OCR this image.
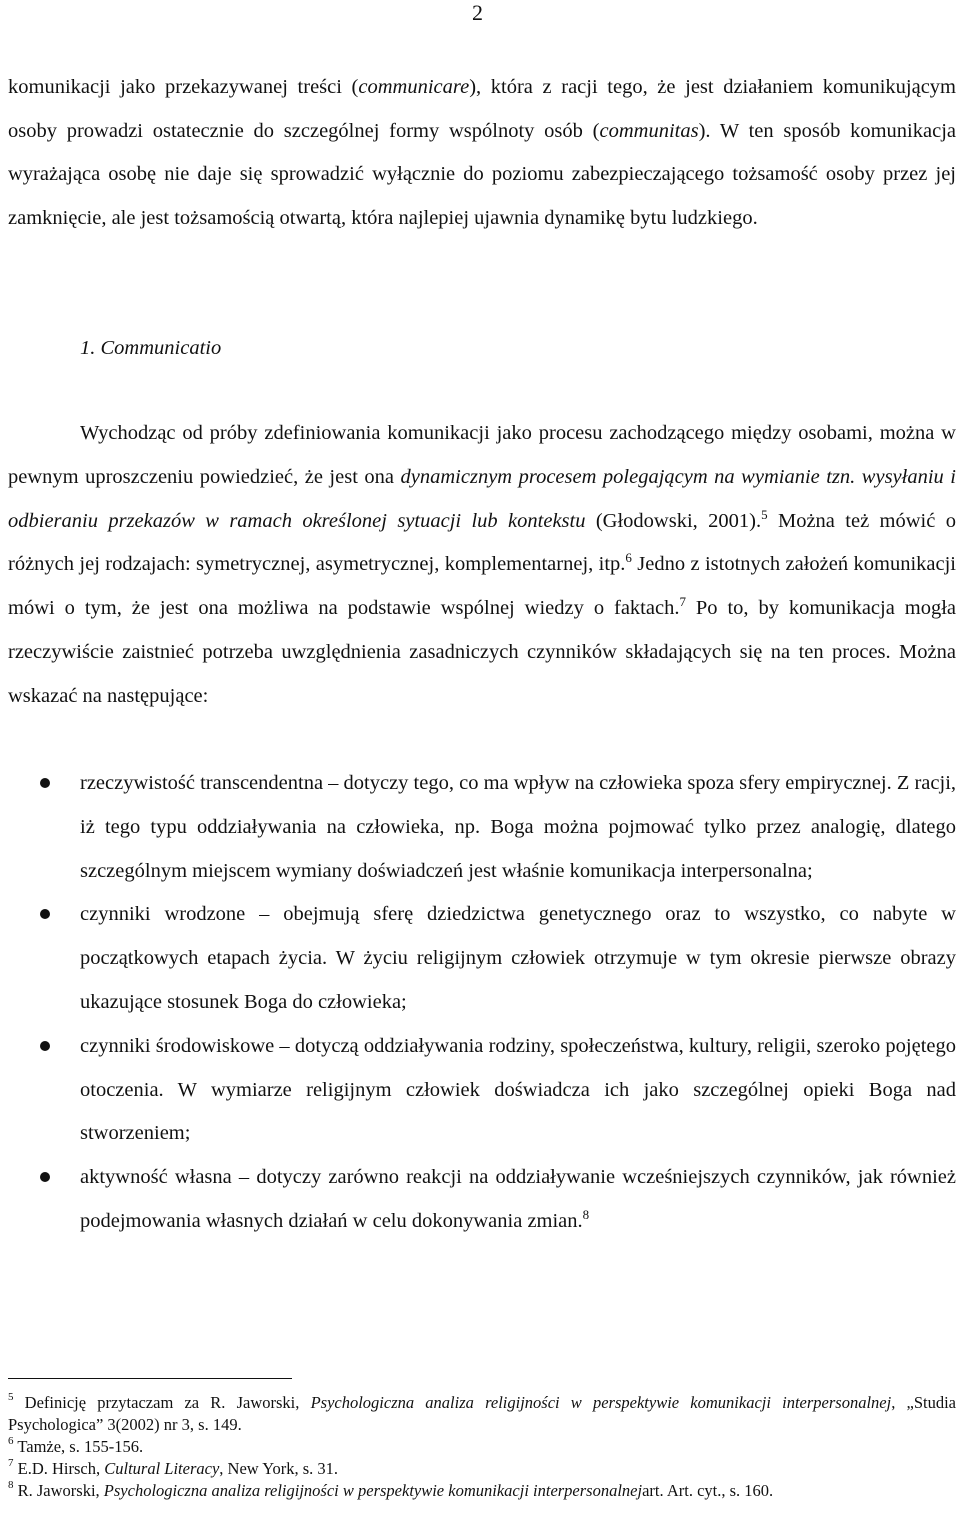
2
komunikacji jako przekazywanej treści (communicare), która z racji tego, że jest działaniem komunikującym osoby prowadzi ostatecznie do szczególnej formy wspólnoty osób (communitas). W ten sposób komunikacja wyrażająca osobę nie daje się sprowadzić wyłącznie do poziomu zabezpieczającego tożsamość osoby przez jej zamknięcie, ale jest tożsamością otwartą, która najlepiej ujawnia dynamikę bytu ludzkiego.
1. Communicatio
Wychodząc od próby zdefiniowania komunikacji jako procesu zachodzącego między osobami, można w pewnym uproszczeniu powiedzieć, że jest ona dynamicznym procesem polegającym na wymianie tzn. wysyłaniu i odbieraniu przekazów w ramach określonej sytuacji lub kontekstu (Głodowski, 2001).$^5$ Można też mówić o różnych jej rodzajach: symetrycznej, asymetrycznej, komplementarnej, itp.$^6$ Jedno z istotnych założeń komunikacji mówi o tym, że jest ona możliwa na podstawie wspólnej wiedzy o faktach.$^7$ Po to, by komunikacja mogła rzeczywiście zaistnieć potrzeba uwzględnienia zasadniczych czynników składających się na ten proces. Można wskazać na następujące:
rzeczywistość transcendentna – dotyczy tego, co ma wpływ na człowieka spoza sfery empirycznej. Z racji, iż tego typu oddziaływania na człowieka, np. Boga można pojmować tylko przez analogię, dlatego szczególnym miejscem wymiany doświadczeń jest właśnie komunikacja interpersonalna;
czynniki wrodzone – obejmują sferę dziedzictwa genetycznego oraz to wszystko, co nabyte w początkowych etapach życia. W życiu religijnym człowiek otrzymuje w tym okresie pierwsze obrazy ukazujące stosunek Boga do człowieka;
czynniki środowiskowe – dotyczą oddziaływania rodziny, społeczeństwa, kultury, religii, szeroko pojętego otoczenia. W wymiarze religijnym człowiek doświadcza ich jako szczególnej opieki Boga nad stworzeniem;
aktywność własna – dotyczy zarówno reakcji na oddziaływanie wcześniejszych czynników, jak również podejmowania własnych działań w celu dokonywania zmian.$^8$
$^5$ Definicję przytaczam za R. Jaworski, Psychologiczna analiza religijności w perspektywie komunikacji interpersonalnej, „Studia Psychologica” 3(2002) nr 3, s. 149.
$^6$ Tamże, s. 155-156.
$^7$ E.D. Hirsch, Cultural Literacy, New York, s. 31.
$^8$ R. Jaworski, Psychologiczna analiza religijności w perspektywie komunikacji interpersonalnejart. Art. cyt., s. 160.
